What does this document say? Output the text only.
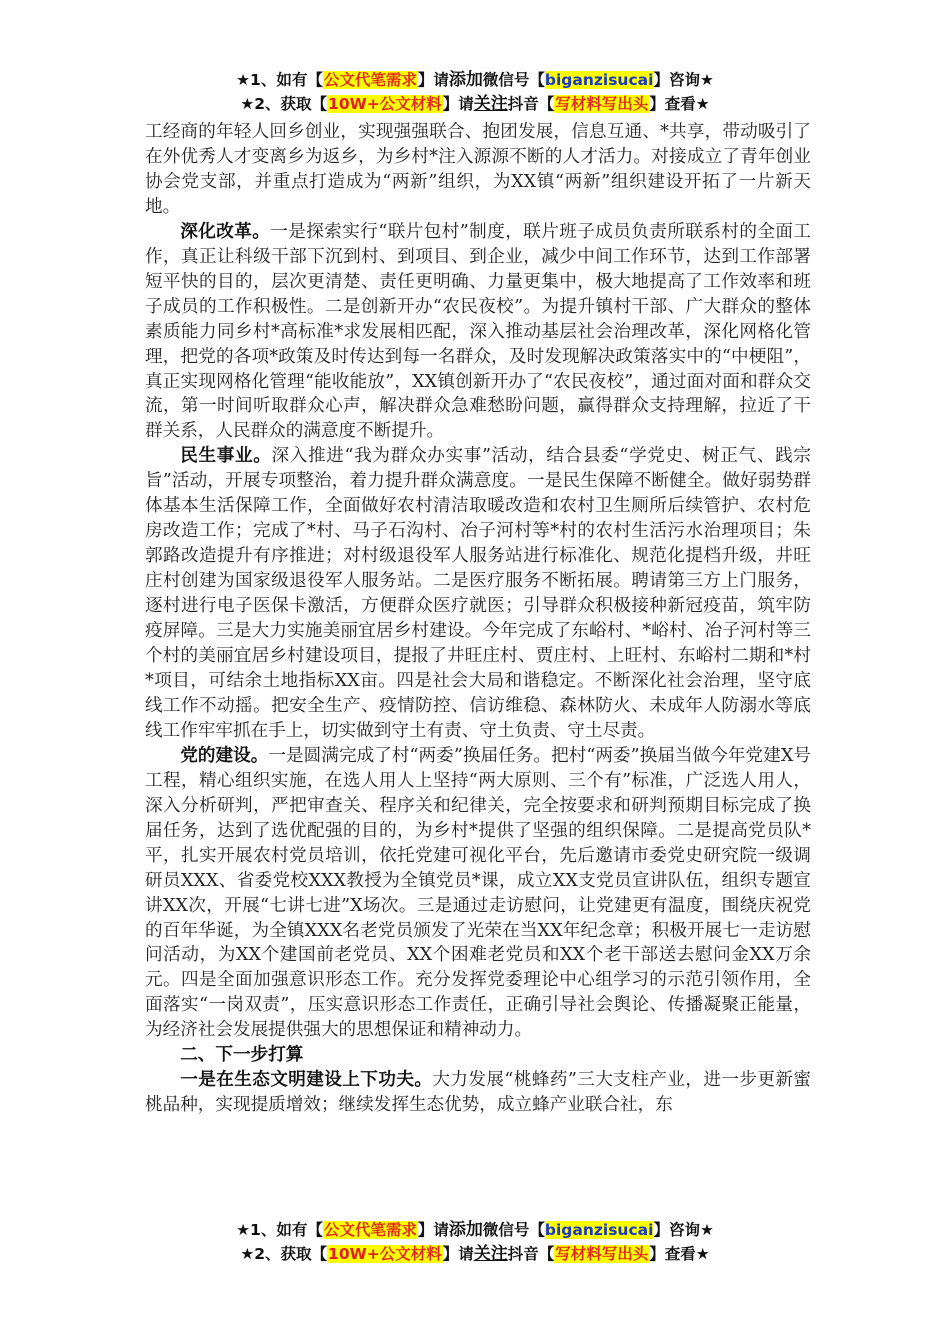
★1、如有【公文代笔需求】请添加微信号【biganzisucai】咨询★
★2、获取【10W+公文材料】请关注抖音【写材料写出头】查看★

工经商的年轻人回乡创业，实现强强联合、抱团发展，信息互通、*共享，带动吸引了在外优秀人才变离乡为返乡，为乡村*注入源源不断的人才活力。对接成立了青年创业协会党支部，并重点打造成为“两新”组织，为XX镇“两新”组织建设开拓了一片新天地。

深化改革。一是探索实行“联片包村”制度，联片班子成员负责所联系村的全面工作，真正让科级干部下沉到村、到项目、到企业，减少中间工作环节，达到工作部署短平快的目的，层次更清楚、责任更明确、力量更集中，极大地提高了工作效率和班子成员的工作积极性。二是创新开办“农民夜校”。为提升镇村干部、广大群众的整体素质能力同乡村*高标准*求发展相匹配，深入推动基层社会治理改革，深化网格化管理，把党的各项*政策及时传达到每一名群众，及时发现解决政策落实中的“中梗阻”，真正实现网格化管理“能收能放”，XX镇创新开办了“农民夜校”，通过面对面和群众交流，第一时间听取群众心声，解决群众急难愁盼问题，赢得群众支持理解，拉近了干群关系，人民群众的满意度不断提升。

民生事业。深入推进“我为群众办实事”活动，结合县委“学党史、树正气、践宗旨”活动，开展专项整治，着力提升群众满意度。一是民生保障不断健全。做好弱势群体基本生活保障工作，全面做好农村清洁取暖改造和农村卫生厕所后续管护、农村危房改造工作；完成了*村、马子石沟村、冶子河村等*村的农村生活污水治理项目；朱郭路改造提升有序推进；对村级退役军人服务站进行标准化、规范化提档升级，井旺庄村创建为国家级退役军人服务站。二是医疗服务不断拓展。聘请第三方上门服务，逐村进行电子医保卡激活，方便群众医疗就医；引导群众积极接种新冠疫苗，筑牢防疫屏障。三是大力实施美丽宜居乡村建设。今年完成了东峪村、*峪村、冶子河村等三个村的美丽宜居乡村建设项目，提报了井旺庄村、贾庄村、上旺村、东峪村二期和*村*项目，可结余土地指标XX亩。四是社会大局和谐稳定。不断深化社会治理，坚守底线工作不动摇。把安全生产、疫情防控、信访维稳、森林防火、未成年人防溺水等底线工作牢牢抓在手上，切实做到守土有责、守土负责、守土尽责。

党的建设。一是圆满完成了村“两委”换届任务。把村“两委”换届当做今年党建X号工程，精心组织实施，在选人用人上坚持“两大原则、三个有”标准，广泛选人用人，深入分析研判，严把审查关、程序关和纪律关，完全按要求和研判预期目标完成了换届任务，达到了选优配强的目的，为乡村*提供了坚强的组织保障。二是提高党员队*平，扎实开展农村党员培训，依托党建可视化平台，先后邀请市委党史研究院一级调研员XXX、省委党校XXX教授为全镇党员*课，成立XX支党员宣讲队伍，组织专题宣讲XX次，开展“七讲七进”X场次。三是通过走访慰问，让党建更有温度，围绕庆祝党的百年华诞，为全镇XXX名老党员颁发了光荣在当XX年纪念章；积极开展七一走访慰问活动，为XX个建国前老党员、XX个困难老党员和XX个老干部送去慰问金XX万余元。四是全面加强意识形态工作。充分发挥党委理论中心组学习的示范引领作用，全面落实“一岗双责”，压实意识形态工作责任，正确引导社会舆论、传播凝聚正能量，为经济社会发展提供强大的思想保证和精神动力。

二、下一步打算

一是在生态文明建设上下功夫。大力发展“桃蜂药”三大支柱产业，进一步更新蜜桃品种，实现提质增效；继续发挥生态优势，成立蜂产业联合社，东

★1、如有【公文代笔需求】请添加微信号【biganzisucai】咨询★
★2、获取【10W+公文材料】请关注抖音【写材料写出头】查看★
